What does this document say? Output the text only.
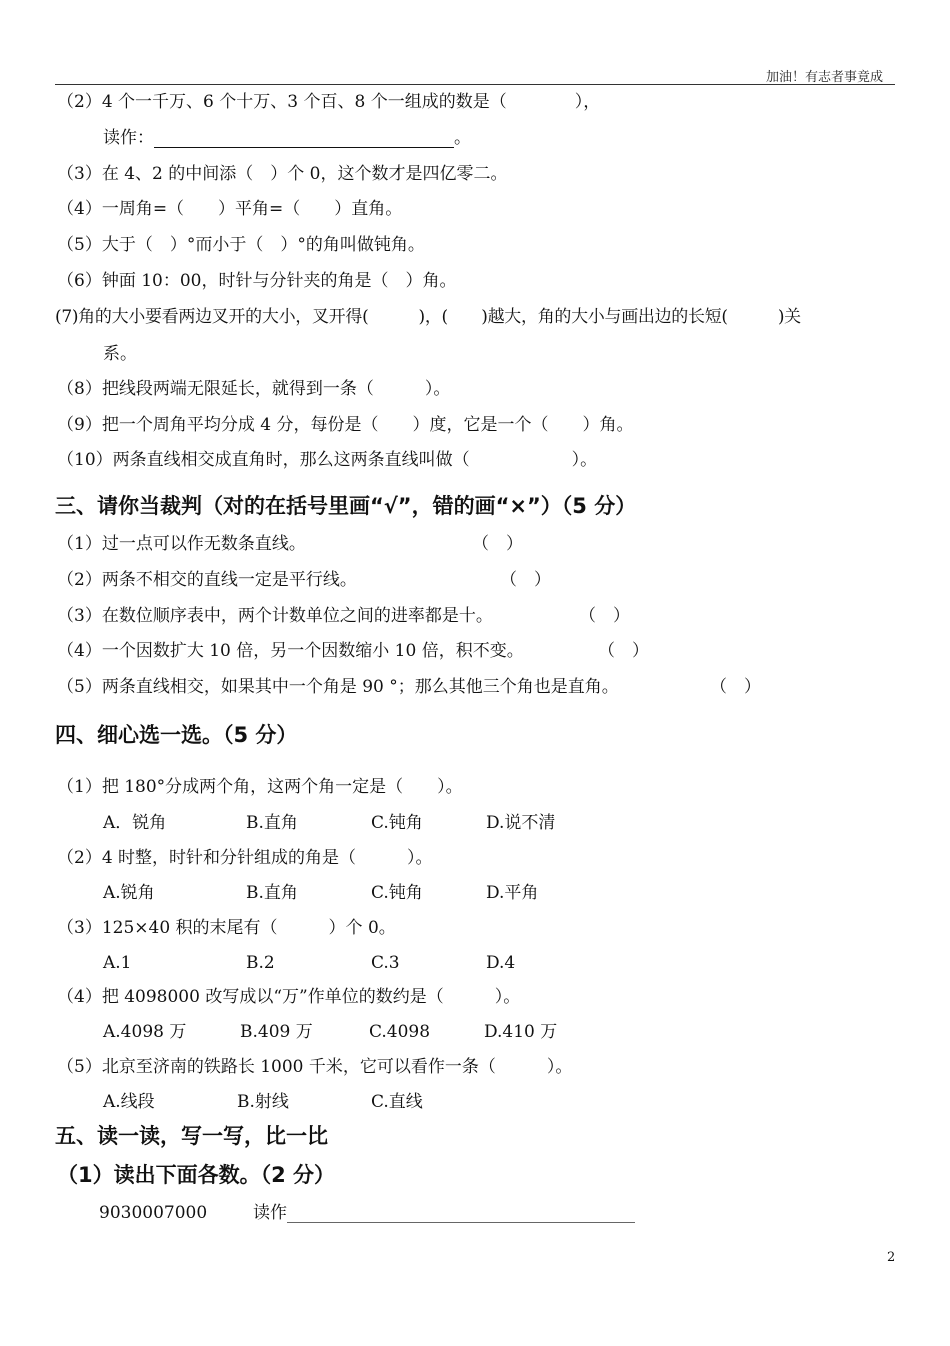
加油！有志者事竟成
（2）4 个一千万、6 个十万、3 个百、8 个一组成的数是（　　　　），
读作：	。
（3）在 4、2 的中间添（　）个 0，这个数才是四亿零二。
（4）一周角=（　　）平角=（　　）直角。
（5）大于（　）°而小于（　）°的角叫做钝角。
（6）钟面 10：00，时针与分针夹的角是（　）角。
(7)角的大小要看两边叉开的大小，叉开得(　　　)，(　　)越大，角的大小与画出边的长短(　　　)关
系。
（8）把线段两端无限延长，就得到一条（　　　）。
（9）把一个周角平均分成 4 分，每份是（　　）度，它是一个（　　）角。
（10）两条直线相交成直角时，那么这两条直线叫做（　　　　　　）。
三、请你当裁判（对的在括号里画“√”，错的画“×”）（5 分）
（1）过一点可以作无数条直线。	（　）
（2）两条不相交的直线一定是平行线。	（　）
（3）在数位顺序表中，两个计数单位之间的进率都是十。	（　）
（4）一个因数扩大 10 倍，另一个因数缩小 10 倍，积不变。	（　）
（5）两条直线相交，如果其中一个角是 90 °；那么其他三个角也是直角。	（　）
四、细心选一选。（5 分）
（1）把 180°分成两个角，这两个角一定是（　　）。
A．锐角	B.直角	C.钝角	D.说不清
（2）4 时整，时针和分针组成的角是（　　　）。
A.锐角	B.直角	C.钝角	D.平角
（3）125×40 积的末尾有（　　　）个 0。
A.1	B.2	C.3	D.4
（4）把 4098000 改写成以“万”作单位的数约是（　　　）。
A.4098 万	B.409 万	C.4098	D.410 万
（5）北京至济南的铁路长 1000 千米，它可以看作一条（　　　）。
A.线段	B.射线	C.直线
五、读一读，写一写，比一比
（1）读出下面各数。（2 分）
9030007000	读作
2
